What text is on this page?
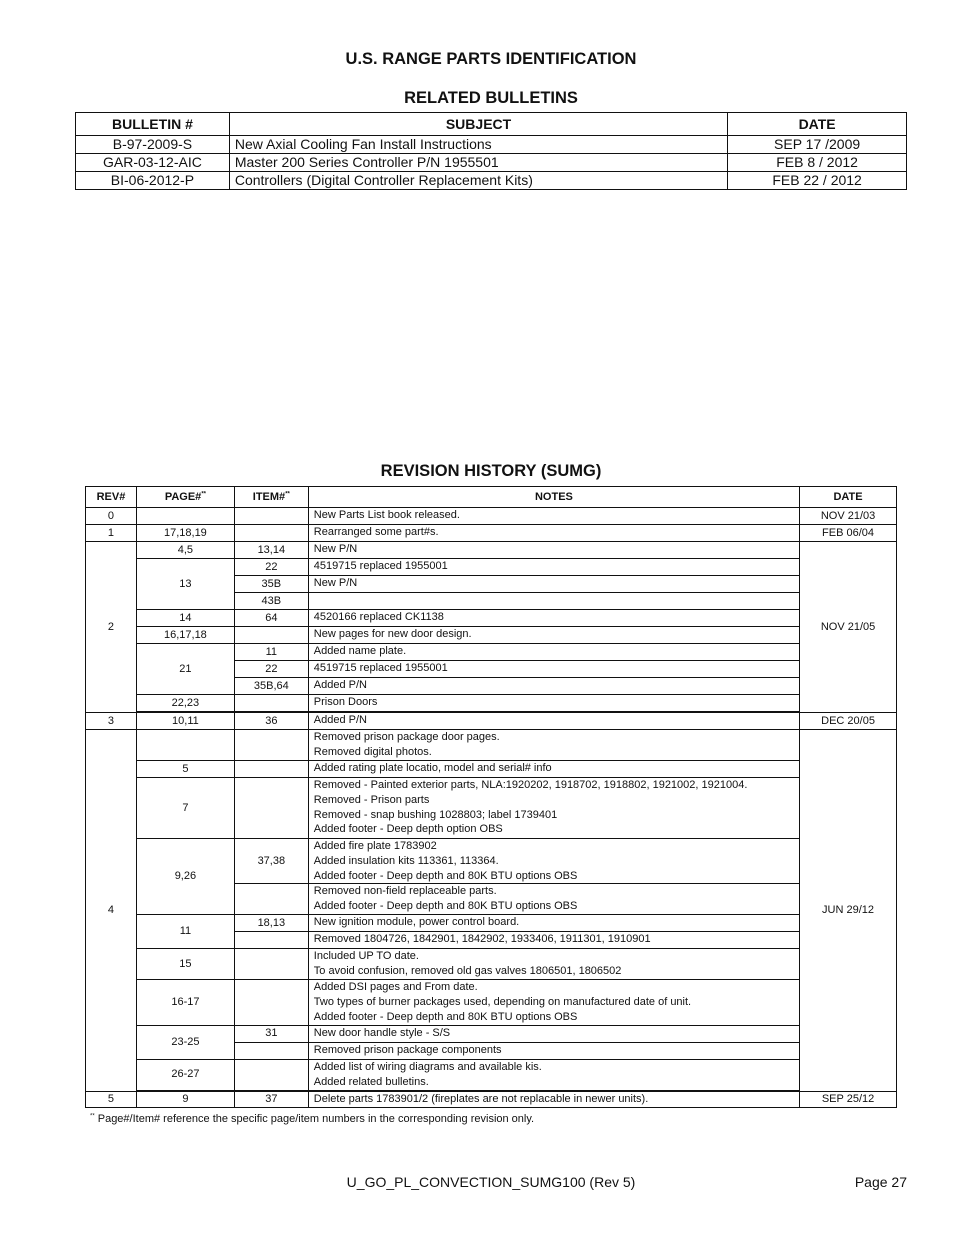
U.S. RANGE PARTS IDENTIFICATION
RELATED BULLETINS
BULLETIN #	SUBJECT	DATE
B-97-2009-S	New Axial Cooling Fan Install Instructions	SEP 17 /2009
GAR-03-12-AIC	Master 200 Series Controller P/N 1955501	FEB 8 / 2012
BI-06-2012-P	Controllers (Digital Controller Replacement Kits)	FEB 22 / 2012
REVISION HISTORY (SUMG)
REV#	PAGE#**	ITEM#**	NOTES	DATE
0			New Parts List book released.	NOV 21/03
1	17,18,19		Rearranged some part#s.	FEB 06/04
2	4,5	13,14	New P/N	NOV 21/05
	13	22	4519715 replaced 1955001	
		35B	New P/N	
		43B		
	14	64	4520166 replaced CK1138	
	16,17,18		New pages for new door design.	
	21	11	Added name plate.	
		22	4519715 replaced 1955001	
		35B,64	Added P/N	
	22,23		Prison Doors	

3	10,11	36	Added P/N	DEC 20/05
4			Removed prison package door pages.
Removed digital photos.	JUN 29/12
	5		Added rating plate locatio, model and serial# info	
	7		Removed - Painted exterior parts, NLA:1920202, 1918702, 1918802, 1921002, 1921004.
Removed - Prison parts
Removed - snap bushing 1028803; label 1739401
Added footer - Deep depth option OBS	
	9,26	37,38	Added fire plate 1783902
Added insulation kits 113361, 113364.
Added footer - Deep depth and 80K BTU options OBS	
			Removed non-field replaceable parts.
Added footer - Deep depth and 80K BTU options OBS	
	11	18,13	New ignition module, power control board.	
			Removed 1804726, 1842901, 1842902, 1933406, 1911301, 1910901	
	15		Included UP TO date.
To avoid confusion, removed old gas valves 1806501, 1806502	
	16-17		Added DSI pages and From date.
Two types of burner packages used, depending on manufactured date of unit.
Added footer - Deep depth and 80K BTU options OBS	
	23-25	31	New door handle style - S/S	
			Removed prison package components	
	26-27		Added list of wiring diagrams and available kis.
Added related bulletins.	

5	9	37	Delete parts 1783901/2 (fireplates are not replacable in newer units).	SEP 25/12
** Page#/Item# reference the specific page/item numbers in the corresponding revision only.
U_GO_PL_CONVECTION_SUMG100 (Rev 5)	Page 27
